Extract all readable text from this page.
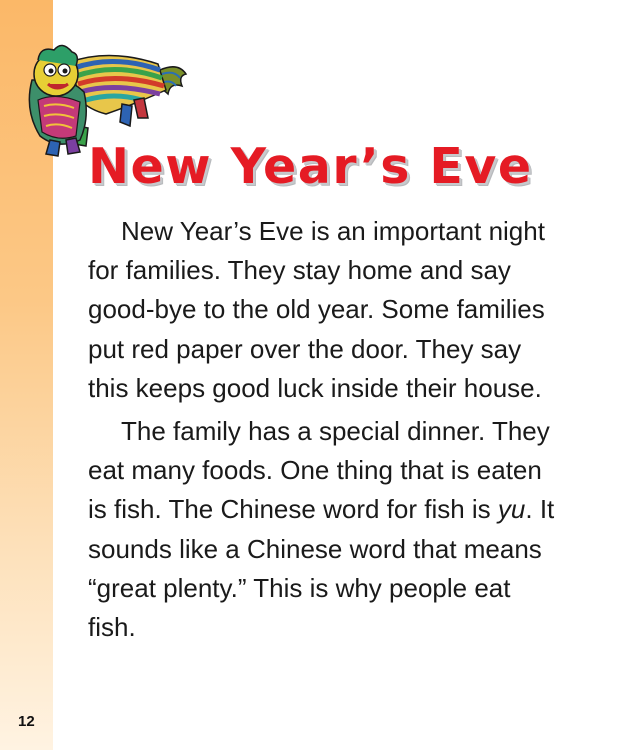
New Year’s Eve

New Year’s Eve is an important night for families. They stay home and say good-bye to the old year. Some families put red paper over the door. They say this keeps good luck inside their house.

The family has a special dinner. They eat many foods. One thing that is eaten is fish. The Chinese word for fish is yu. It sounds like a Chinese word that means “great plenty.” This is why people eat fish.

12
